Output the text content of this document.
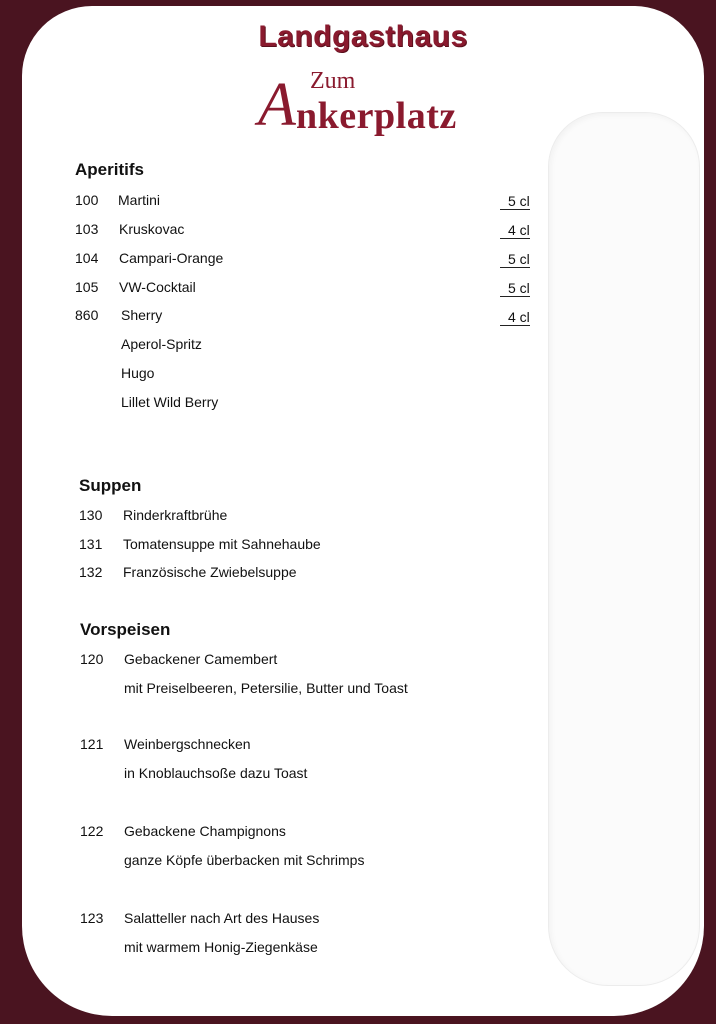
Landgasthaus
Zum
A nkerplatz
Aperitifs
100 Martini	5 cl
103 Kruskovac	4 cl
104 Campari-Orange	5 cl
105 VW-Cocktail	5 cl
860 Sherry	4 cl
Aperol-Spritz
Hugo
Lillet Wild Berry
Suppen
130 Rinderkraftbrühe
131 Tomatensuppe mit Sahnehaube
132 Französische Zwiebelsuppe
Vorspeisen
120 Gebackener Camembert
mit Preiselbeeren, Petersilie, Butter und Toast
121 Weinbergschnecken
in Knoblauchsoße dazu Toast
122 Gebackene Champignons
ganze Köpfe überbacken mit Schrimps
123 Salatteller nach Art des Hauses
mit warmem Honig-Ziegenkäse
